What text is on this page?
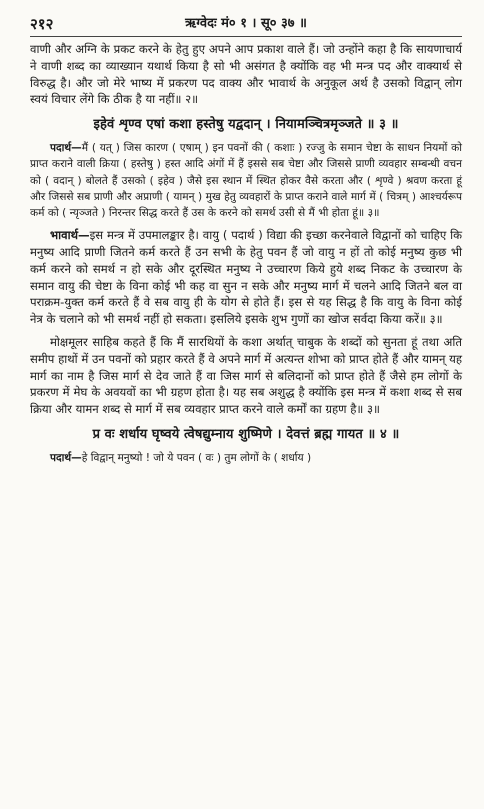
२१२	ऋग्वेदः मं० १ । सू० ३७ ॥

वाणी और अग्नि के प्रकट करने के हेतु हुए अपने आप प्रकाश वाले हैं। जो उन्होंने कहा है कि सायणाचार्य ने वाणी शब्द का व्याख्यान यथार्थ किया है सो भी असंगत है क्योंकि वह भी मन्त्र पद और वाक्यार्थ से विरुद्ध है। और जो मेरे भाष्य में प्रकरण पद वाक्य और भावार्थ के अनुकूल अर्थ है उसको विद्वान् लोग स्वयं विचार लेंगे कि ठीक है या नहीं॥ २॥

इहेवं शृण्व एषां कशा हस्तेषु यद्वदान् । नियामञ्चित्रमृञ्जते ॥ ३ ॥

पदार्थ—मैं ( यत् ) जिस कारण ( एषाम् ) इन पवनों की ( कशाः ) रज्जु के समान चेष्टा के साधन नियमों को प्राप्त कराने वाली क्रिया ( हस्तेषु ) हस्त आदि अंगों में हैं इससे सब चेष्टा और जिससे प्राणी व्यवहार सम्बन्धी वचन को ( वदान् ) बोलते हैं उसको ( इहेव ) जैसे इस स्थान में स्थित होकर वैसे करता और ( शृण्वे ) श्रवण करता हूं और जिससे सब प्राणी और अप्राणी ( यामन् ) मुख हेतु व्यवहारों के प्राप्त कराने वाले मार्ग में ( चित्रम् ) आश्चर्यरूप कर्म को ( न्यृञ्जते ) निरन्तर सिद्ध करते हैं उस के करने को समर्थ उसी से मैं भी होता हूं॥ ३॥

भावार्थ—इस मन्त्र में उपमालङ्कार है। वायु ( पदार्थ ) विद्या की इच्छा करनेवाले विद्वानों को चाहिए कि मनुष्य आदि प्राणी जितने कर्म करते हैं उन सभी के हेतु पवन हैं जो वायु न हों तो कोई मनुष्य कुछ भी कर्म करने को समर्थ न हो सके और दूरस्थित मनुष्य ने उच्चारण किये हुये शब्द निकट के उच्चारण के समान वायु की चेष्टा के विना कोई भी कह वा सुन न सके और मनुष्य मार्ग में चलने आदि जितने बल वा पराक्रम-युक्त कर्म करते हैं वे सब वायु ही के योग से होते हैं। इस से यह सिद्ध है कि वायु के विना कोई नेत्र के चलाने को भी समर्थ नहीं हो सकता। इसलिये इसके शुभ गुणों का खोज सर्वदा किया करें॥ ३॥

मोक्षमूलर साहिब कहते हैं कि मैं सारथियों के कशा अर्थात् चाबुक के शब्दों को सुनता हूं तथा अति समीप हाथों में उन पवनों को प्रहार करते हैं वे अपने मार्ग में अत्यन्त शोभा को प्राप्त होते हैं और यामन् यह मार्ग का नाम है जिस मार्ग से देव जाते हैं वा जिस मार्ग से बलिदानों को प्राप्त होते हैं जैसे हम लोगों के प्रकरण में मेघ के अवयवों का भी ग्रहण होता है। यह सब अशुद्ध है क्योंकि इस मन्त्र में कशा शब्द से सब क्रिया और यामन शब्द से मार्ग में सब व्यवहार प्राप्त करने वाले कर्मों का ग्रहण है॥ ३॥

प्र वः शर्धाय घृष्वये त्वेषद्युम्नाय शुष्मिणे । देवत्तं ब्रह्म गायत ॥ ४ ॥

पदार्थ—हे विद्वान् मनुष्यो ! जो ये पवन ( वः ) तुम लोगों के ( शर्धाय )
